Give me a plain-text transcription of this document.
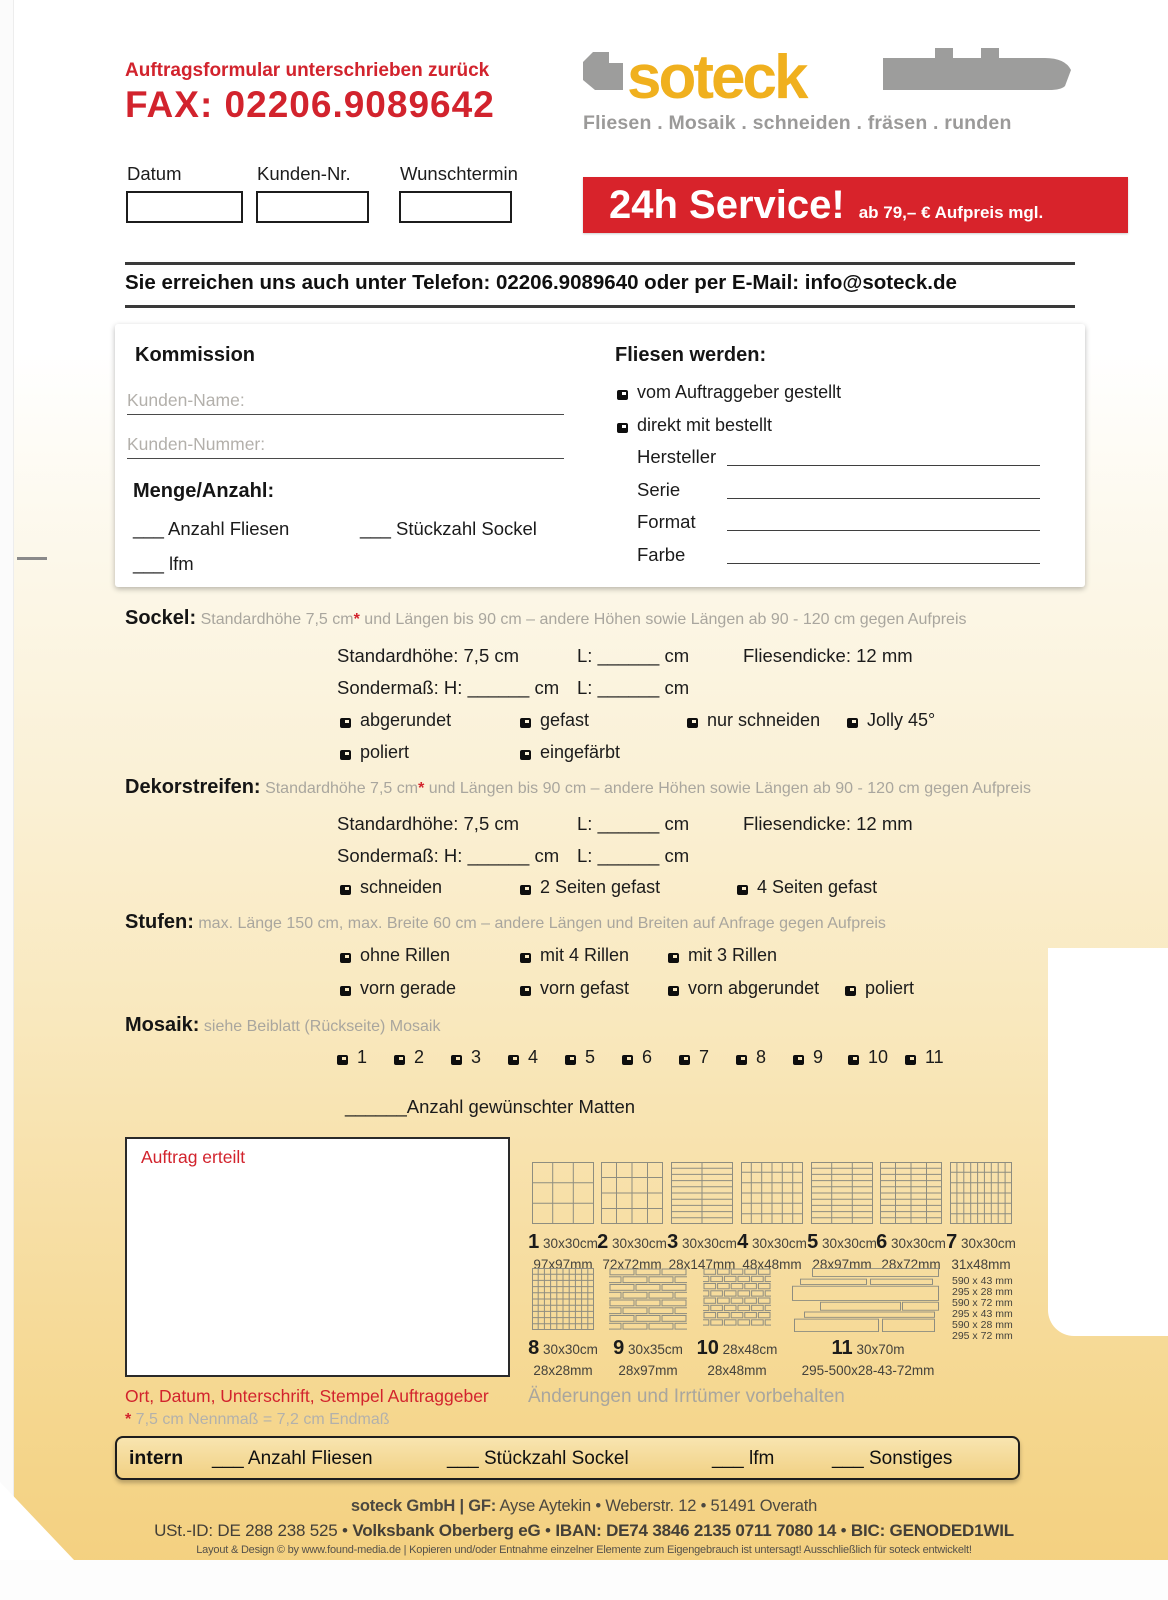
Auftragsformular unterschrieben zurück
FAX: 02206.9089642 soteck
Fliesen . Mosaik . schneiden . fräsen . runden
Datum	Kunden-Nr.	Wunschtermin
24h Service! ab 79,– € Aufpreis mgl.
Sie erreichen uns auch unter Telefon: 02206.9089640 oder per E-Mail: info@soteck.de
Kommission
Kunden-Name:
Kunden-Nummer:
Menge/Anzahl:
___ Anzahl Fliesen	___ Stückzahl Sockel
___ lfm
Fliesen werden:
vom Auftraggeber gestellt
direkt mit bestellt
Hersteller
Serie
Format
Farbe
Sockel: Standardhöhe 7,5 cm* und Längen bis 90 cm – andere Höhen sowie Längen ab 90 - 120 cm gegen Aufpreis
Standardhöhe: 7,5 cm	L: ______ cm	Fliesendicke: 12 mm
Sondermaß: H: ______ cm L: ______ cm
abgerundet	gefast	nur schneiden	Jolly 45°
poliert	eingefärbt
Dekorstreifen: Standardhöhe 7,5 cm* und Längen bis 90 cm – andere Höhen sowie Längen ab 90 - 120 cm gegen Aufpreis
Standardhöhe: 7,5 cm	L: ______ cm	Fliesendicke: 12 mm
Sondermaß: H: ______ cm L: ______ cm
schneiden	2 Seiten gefast	4 Seiten gefast
Stufen: max. Länge 150 cm, max. Breite 60 cm – andere Längen und Breiten auf Anfrage gegen Aufpreis
ohne Rillen	mit 4 Rillen	mit 3 Rillen
vorn gerade	vorn gefast	vorn abgerundet	poliert
Mosaik: siehe Beiblatt (Rückseite) Mosaik
1	2	3	4	5	6	7	8	9	10	11
______Anzahl gewünschter Matten
Auftrag erteilt
1 30x30cm
97x97mm
2 30x30cm
72x72mm
3 30x30cm
28x147mm
4 30x30cm
48x48mm
5 30x30cm
28x97mm
6 30x30cm
28x72mm
7 30x30cm
31x48mm
8 30x30cm
28x28mm
9 30x35cm
28x97mm
10 28x48cm
28x48mm
11 30x70m
295-500x28-43-72mm
590 x 43 mm
295 x 28 mm
590 x 72 mm
295 x 43 mm
590 x 28 mm
295 x 72 mm
Ort, Datum, Unterschrift, Stempel Auftraggeber Änderungen und Irrtümer vorbehalten
* 7,5 cm Nennmaß = 7,2 cm Endmaß
intern ___ Anzahl Fliesen	___ Stückzahl Sockel	___ lfm	___ Sonstiges
soteck GmbH | GF: Ayse Aytekin • Weberstr. 12 • 51491 Overath
USt.-ID: DE 288 238 525 • Volksbank Oberberg eG • IBAN: DE74 3846 2135 0711 7080 14 • BIC: GENODED1WIL
Layout & Design © by www.found-media.de | Kopieren und/oder Entnahme einzelner Elemente zum Eigengebrauch ist untersagt! Ausschließlich für soteck entwickelt!
